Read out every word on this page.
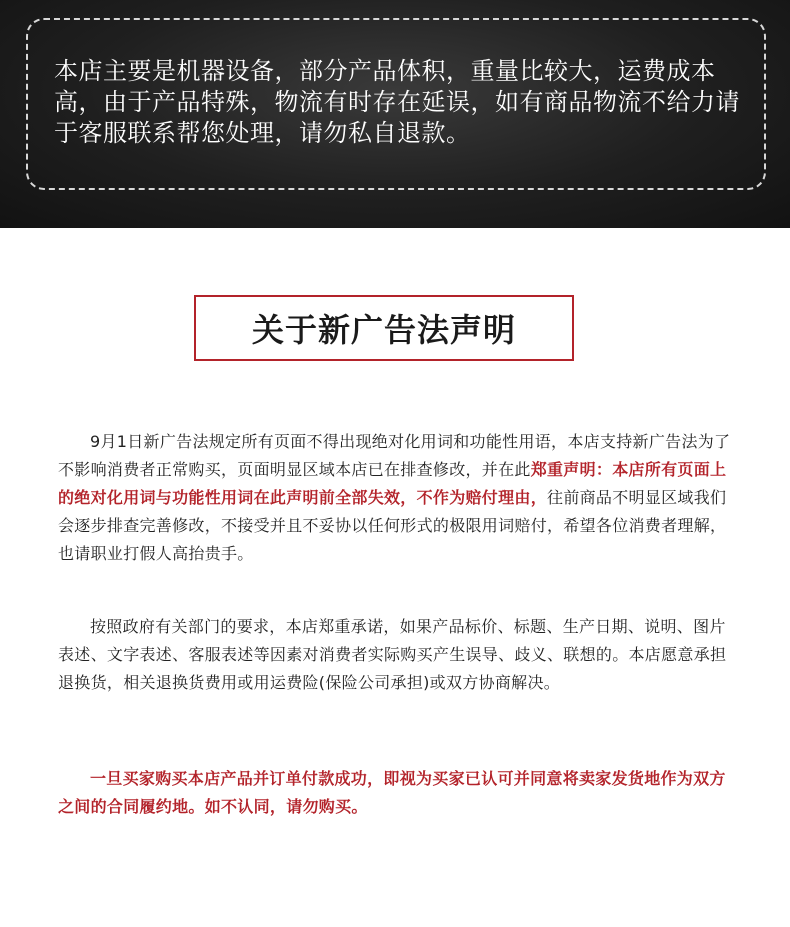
本店主要是机器设备，部分产品体积，重量比较大，运费成本高，由于产品特殊，物流有时存在延误，如有商品物流不给力请于客服联系帮您处理，请勿私自退款。

关于新广告法声明

9月1日新广告法规定所有页面不得出现绝对化用词和功能性用语，本店支持新广告法为了不影响消费者正常购买，页面明显区域本店已在排查修改，并在此郑重声明：本店所有页面上的绝对化用词与功能性用词在此声明前全部失效，不作为赔付理由，往前商品不明显区域我们会逐步排查完善修改，不接受并且不妥协以任何形式的极限用词赔付，希望各位消费者理解，也请职业打假人高抬贵手。

按照政府有关部门的要求，本店郑重承诺，如果产品标价、标题、生产日期、说明、图片表述、文字表述、客服表述等因素对消费者实际购买产生误导、歧义、联想的。本店愿意承担退换货，相关退换货费用或用运费险(保险公司承担)或双方协商解决。

一旦买家购买本店产品并订单付款成功，即视为买家已认可并同意将卖家发货地作为双方之间的合同履约地。如不认同，请勿购买。
